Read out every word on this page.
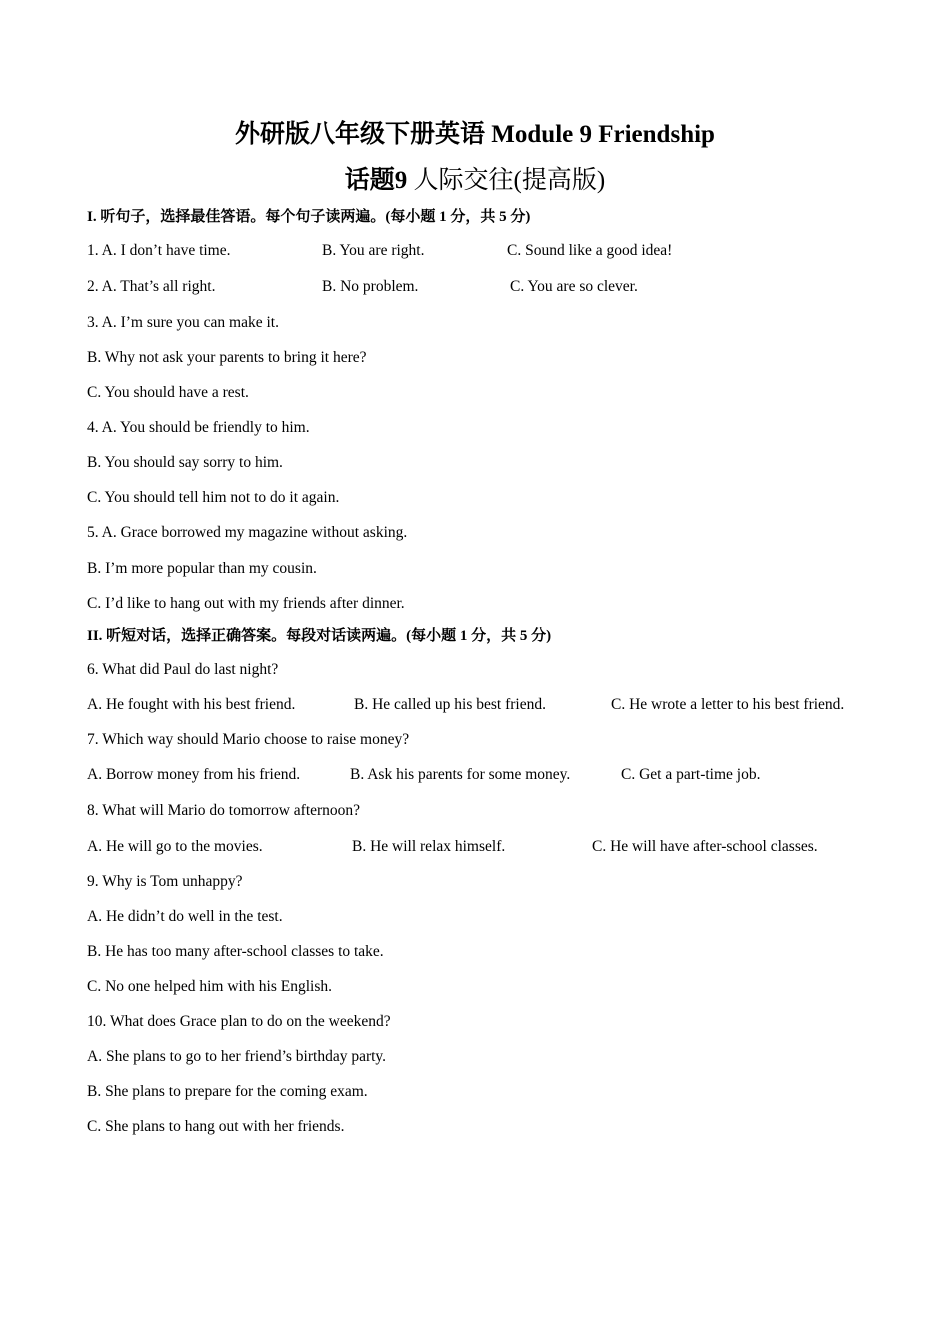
外研版八年级下册英语 Module 9 Friendship
话题9 人际交往(提高版)
I. 听句子，选择最佳答语。每个句子读两遍。(每小题 1 分，共 5 分)
1. A. I don’t have time.	B. You are right.	C. Sound like a good idea!
2. A. That’s all right.	B. No problem.	C. You are so clever.
3. A. I’m sure you can make it.
B. Why not ask your parents to bring it here?
C. You should have a rest.
4. A. You should be friendly to him.
B. You should say sorry to him.
C. You should tell him not to do it again.
5. A. Grace borrowed my magazine without asking.
B. I’m more popular than my cousin.
C. I’d like to hang out with my friends after dinner.
II. 听短对话，选择正确答案。每段对话读两遍。(每小题 1 分，共 5 分)
6. What did Paul do last night?
A. He fought with his best friend.	B. He called up his best friend.	C. He wrote a letter to his best friend.
7. Which way should Mario choose to raise money?
A. Borrow money from his friend.	B. Ask his parents for some money.	C. Get a part-time job.
8. What will Mario do tomorrow afternoon?
A. He will go to the movies.	B. He will relax himself.	C. He will have after-school classes.
9. Why is Tom unhappy?
A. He didn’t do well in the test.
B. He has too many after-school classes to take.
C. No one helped him with his English.
10. What does Grace plan to do on the weekend?
A. She plans to go to her friend’s birthday party.
B. She plans to prepare for the coming exam.
C. She plans to hang out with her friends.
